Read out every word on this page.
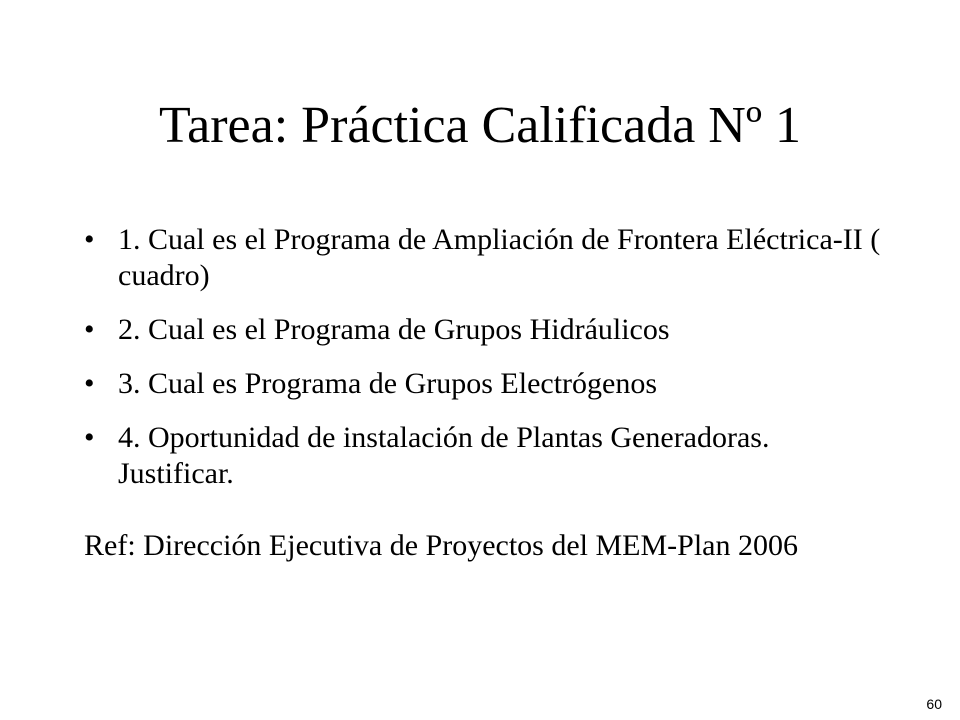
Tarea: Práctica Calificada Nº 1
• 1. Cual es el Programa de Ampliación de Frontera Eléctrica-II ( cuadro)
• 2. Cual es el Programa de Grupos Hidráulicos
• 3. Cual es Programa de Grupos Electrógenos
• 4. Oportunidad de instalación de Plantas Generadoras. Justificar.
Ref: Dirección Ejecutiva de Proyectos del MEM-Plan 2006
60
